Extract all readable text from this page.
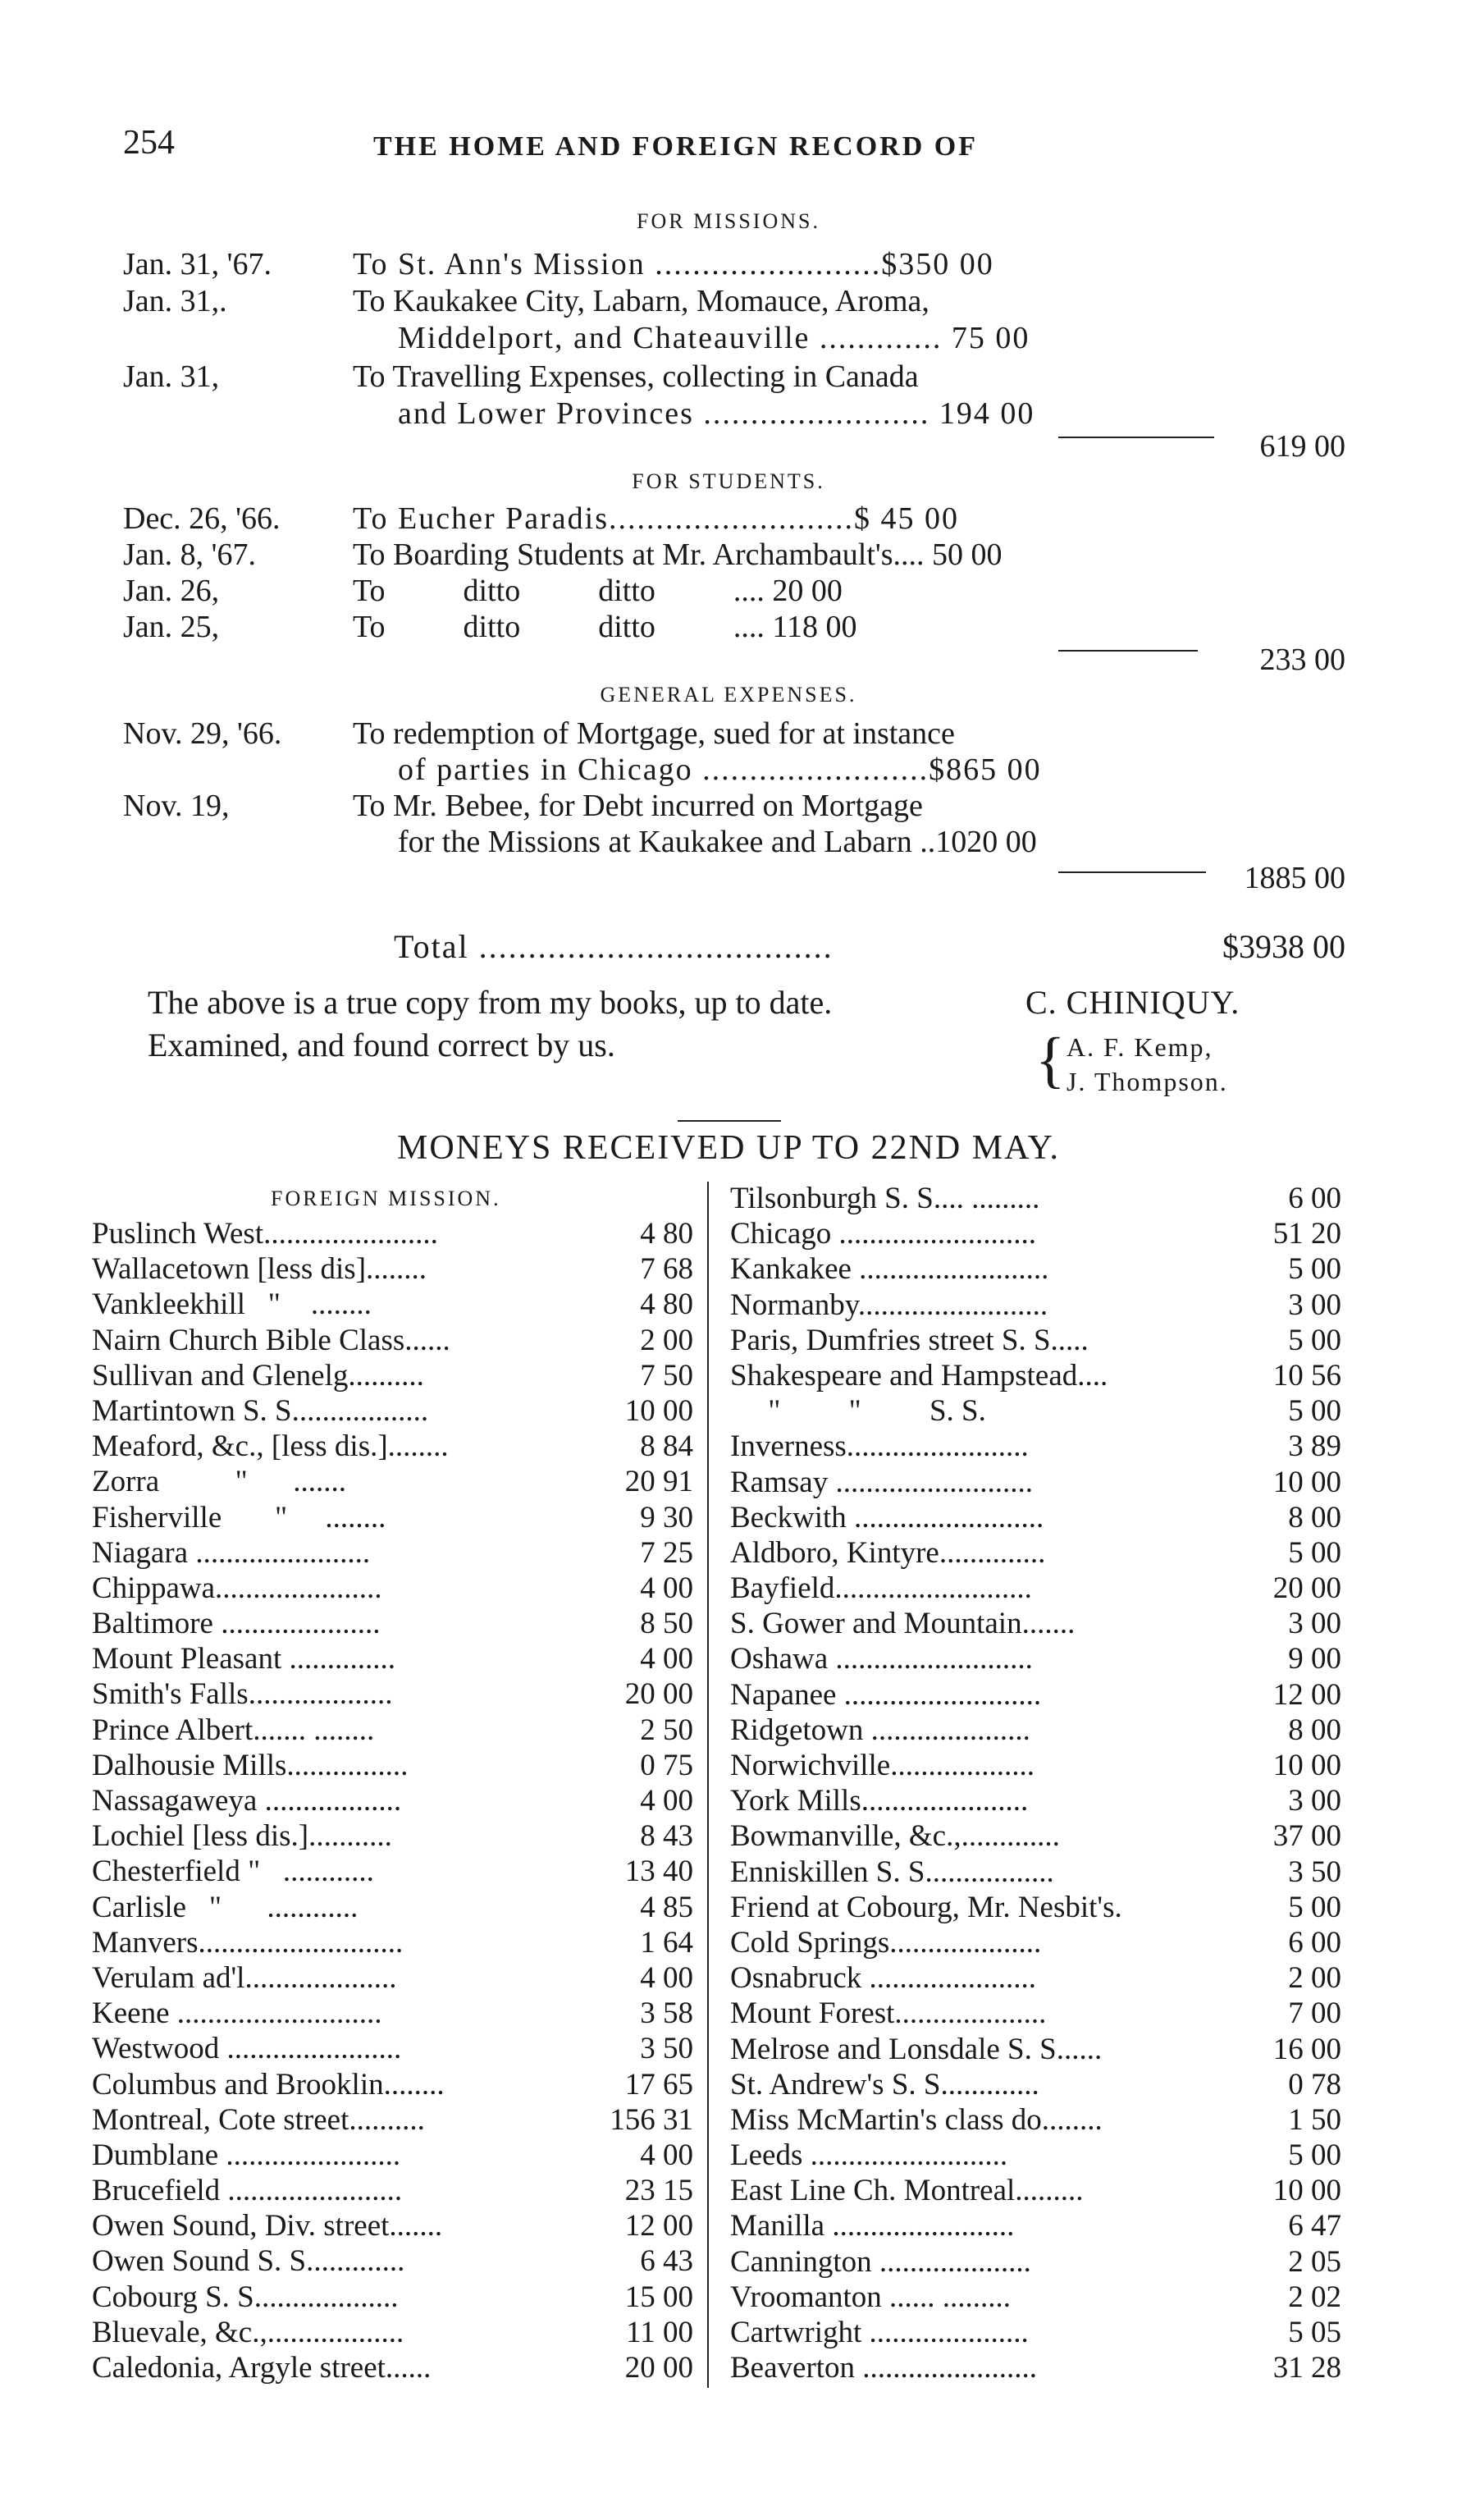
254	THE HOME AND FOREIGN RECORD OF
FOR MISSIONS.
Jan. 31, '67.	To St. Ann's Mission ........................$350 00
Jan. 31,.	To Kaukakee City, Labarn, Momauce, Aroma,
Middelport, and Chateauville ............. 75 00
Jan. 31,	To Travelling Expenses, collecting in Canada
and Lower Provinces ........................ 194 00
619 00
FOR STUDENTS.
Dec. 26, '66.	To Eucher Paradis..........................$ 45 00
Jan. 8, '67.	To Boarding Students at Mr. Archambault's.... 50 00
Jan. 26,	To          ditto          ditto          .... 20 00
Jan. 25,	To          ditto          ditto          .... 118 00
233 00
GENERAL EXPENSES.
Nov. 29, '66.	To redemption of Mortgage, sued for at instance
of parties in Chicago ........................$865 00
Nov. 19,	To Mr. Bebee, for Debt incurred on Mortgage
for the Missions at Kaukakee and Labarn ..1020 00
1885 00
Total ....................................	$3938 00
The above is a true copy from my books, up to date.	C. CHINIQUY.
Examined, and found correct by us.	{ A. F. Kemp,
J. Thompson.
MONEYS RECEIVED UP TO 22ND MAY.
FOREIGN MISSION.
Puslinch West.......................	4 80
Wallacetown [less dis]........	7 68
Vankleekhill   "    ........	4 80
Nairn Church Bible Class......	2 00
Sullivan and Glenelg..........	7 50
Martintown S. S..................	10 00
Meaford, &c., [less dis.]........	8 84
Zorra          "      .......	20 91
Fisherville       "     ........	9 30
Niagara .......................	7 25
Chippawa......................	4 00
Baltimore .....................	8 50
Mount Pleasant ..............	4 00
Smith's Falls...................	20 00
Prince Albert....... ........	2 50
Dalhousie Mills................	0 75
Nassagaweya ..................	4 00
Lochiel [less dis.]...........	8 43
Chesterfield "   ............	13 40
Carlisle   "      ............	4 85
Manvers...........................	1 64
Verulam ad'l....................	4 00
Keene ...........................	3 58
Westwood .......................	3 50
Columbus and Brooklin........	17 65
Montreal, Cote street..........	156 31
Dumblane .......................	4 00
Brucefield .......................	23 15
Owen Sound, Div. street.......	12 00
Owen Sound S. S.............	6 43
Cobourg S. S...................	15 00
Bluevale, &c.,..................	11 00
Caledonia, Argyle street......	20 00
Tilsonburgh S. S.... .........	6 00
Chicago ..........................	51 20
Kankakee .........................	5 00
Normanby.........................	3 00
Paris, Dumfries street S. S.....	5 00
Shakespeare and Hampstead....	10 56
"         "         S. S.	5 00
Inverness........................	3 89
Ramsay ..........................	10 00
Beckwith .........................	8 00
Aldboro, Kintyre..............	5 00
Bayfield..........................	20 00
S. Gower and Mountain.......	3 00
Oshawa ..........................	9 00
Napanee ..........................	12 00
Ridgetown .....................	8 00
Norwichville...................	10 00
York Mills......................	3 00
Bowmanville, &c.,.............	37 00
Enniskillen S. S.................	3 50
Friend at Cobourg, Mr. Nesbit's.	5 00
Cold Springs....................	6 00
Osnabruck ......................	2 00
Mount Forest....................	7 00
Melrose and Lonsdale S. S......	16 00
St. Andrew's S. S.............	0 78
Miss McMartin's class do........	1 50
Leeds ..........................	5 00
East Line Ch. Montreal.........	10 00
Manilla ........................	6 47
Cannington ....................	2 05
Vroomanton ...... .........	2 02
Cartwright .....................	5 05
Beaverton .......................	31 28
